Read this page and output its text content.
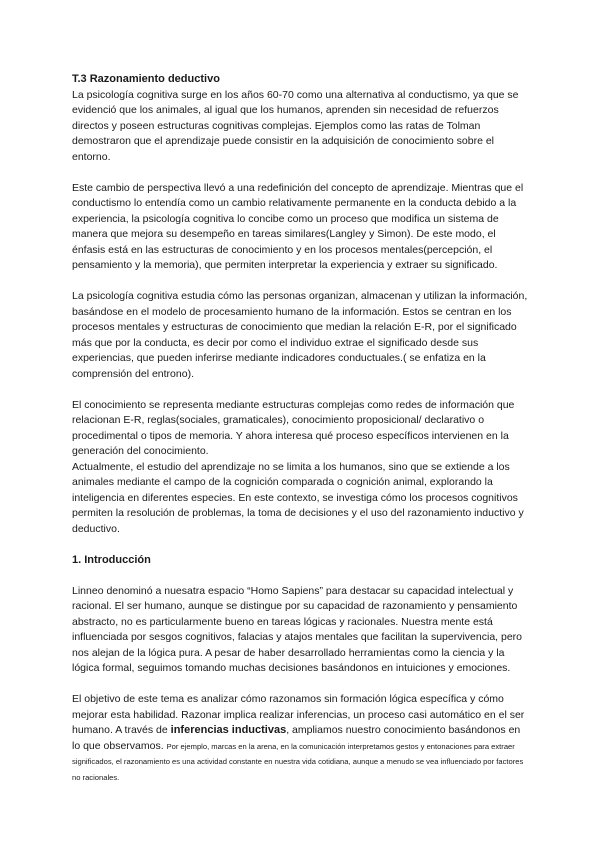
T.3 Razonamiento deductivo

La psicología cognitiva surge en los años 60-70 como una alternativa al conductismo, ya que se evidenció que los animales, al igual que los humanos, aprenden sin necesidad de refuerzos directos y poseen estructuras cognitivas complejas. Ejemplos como las ratas de Tolman demostraron que el aprendizaje puede consistir en la adquisición de conocimiento sobre el entorno.

Este cambio de perspectiva llevó a una redefinición del concepto de aprendizaje. Mientras que el conductismo lo entendía como un cambio relativamente permanente en la conducta debido a la experiencia, la psicología cognitiva lo concibe como un proceso que modifica un sistema de manera que mejora su desempeño en tareas similares(Langley y Simon). De este modo, el énfasis está en las estructuras de conocimiento y en los procesos mentales(percepción, el pensamiento y la memoria), que permiten interpretar la experiencia y extraer su significado.

La psicología cognitiva estudia cómo las personas organizan, almacenan y utilizan la información, basándose en el modelo de procesamiento humano de la información. Estos se centran en los procesos mentales y estructuras de conocimiento que median la relación E-R, por el significado más que por la conducta, es decir por como el individuo extrae el significado desde sus experiencias, que pueden inferirse mediante indicadores conductuales.( se enfatiza en la comprensión del entrono).

El conocimiento se representa mediante estructuras complejas como redes de información que relacionan E-R, reglas(sociales, gramaticales), conocimiento proposicional/ declarativo o procedimental o tipos de memoria. Y ahora interesa qué proceso específicos intervienen en la generación del conocimiento.

Actualmente, el estudio del aprendizaje no se limita a los humanos, sino que se extiende a los animales mediante el campo de la cognición comparada o cognición animal, explorando la inteligencia en diferentes especies. En este contexto, se investiga cómo los procesos cognitivos permiten la resolución de problemas, la toma de decisiones y el uso del razonamiento inductivo y deductivo.

1. Introducción

Linneo denominó a nuesatra espacio “Homo Sapiens” para destacar su capacidad intelectual y racional. El ser humano, aunque se distingue por su capacidad de razonamiento y pensamiento abstracto, no es particularmente bueno en tareas lógicas y racionales. Nuestra mente está influenciada por sesgos cognitivos, falacias y atajos mentales que facilitan la supervivencia, pero nos alejan de la lógica pura. A pesar de haber desarrollado herramientas como la ciencia y la lógica formal, seguimos tomando muchas decisiones basándonos en intuiciones y emociones.

El objetivo de este tema es analizar cómo razonamos sin formación lógica específica y cómo mejorar esta habilidad. Razonar implica realizar inferencias, un proceso casi automático en el ser humano. A través de inferencias inductivas, ampliamos nuestro conocimiento basándonos en lo que observamos. Por ejemplo, marcas en la arena, en la comunicación interpretamos gestos y entonaciones para extraer significados, el razonamiento es una actividad constante en nuestra vida cotidiana, aunque a menudo se vea influenciado por factores no racionales.
